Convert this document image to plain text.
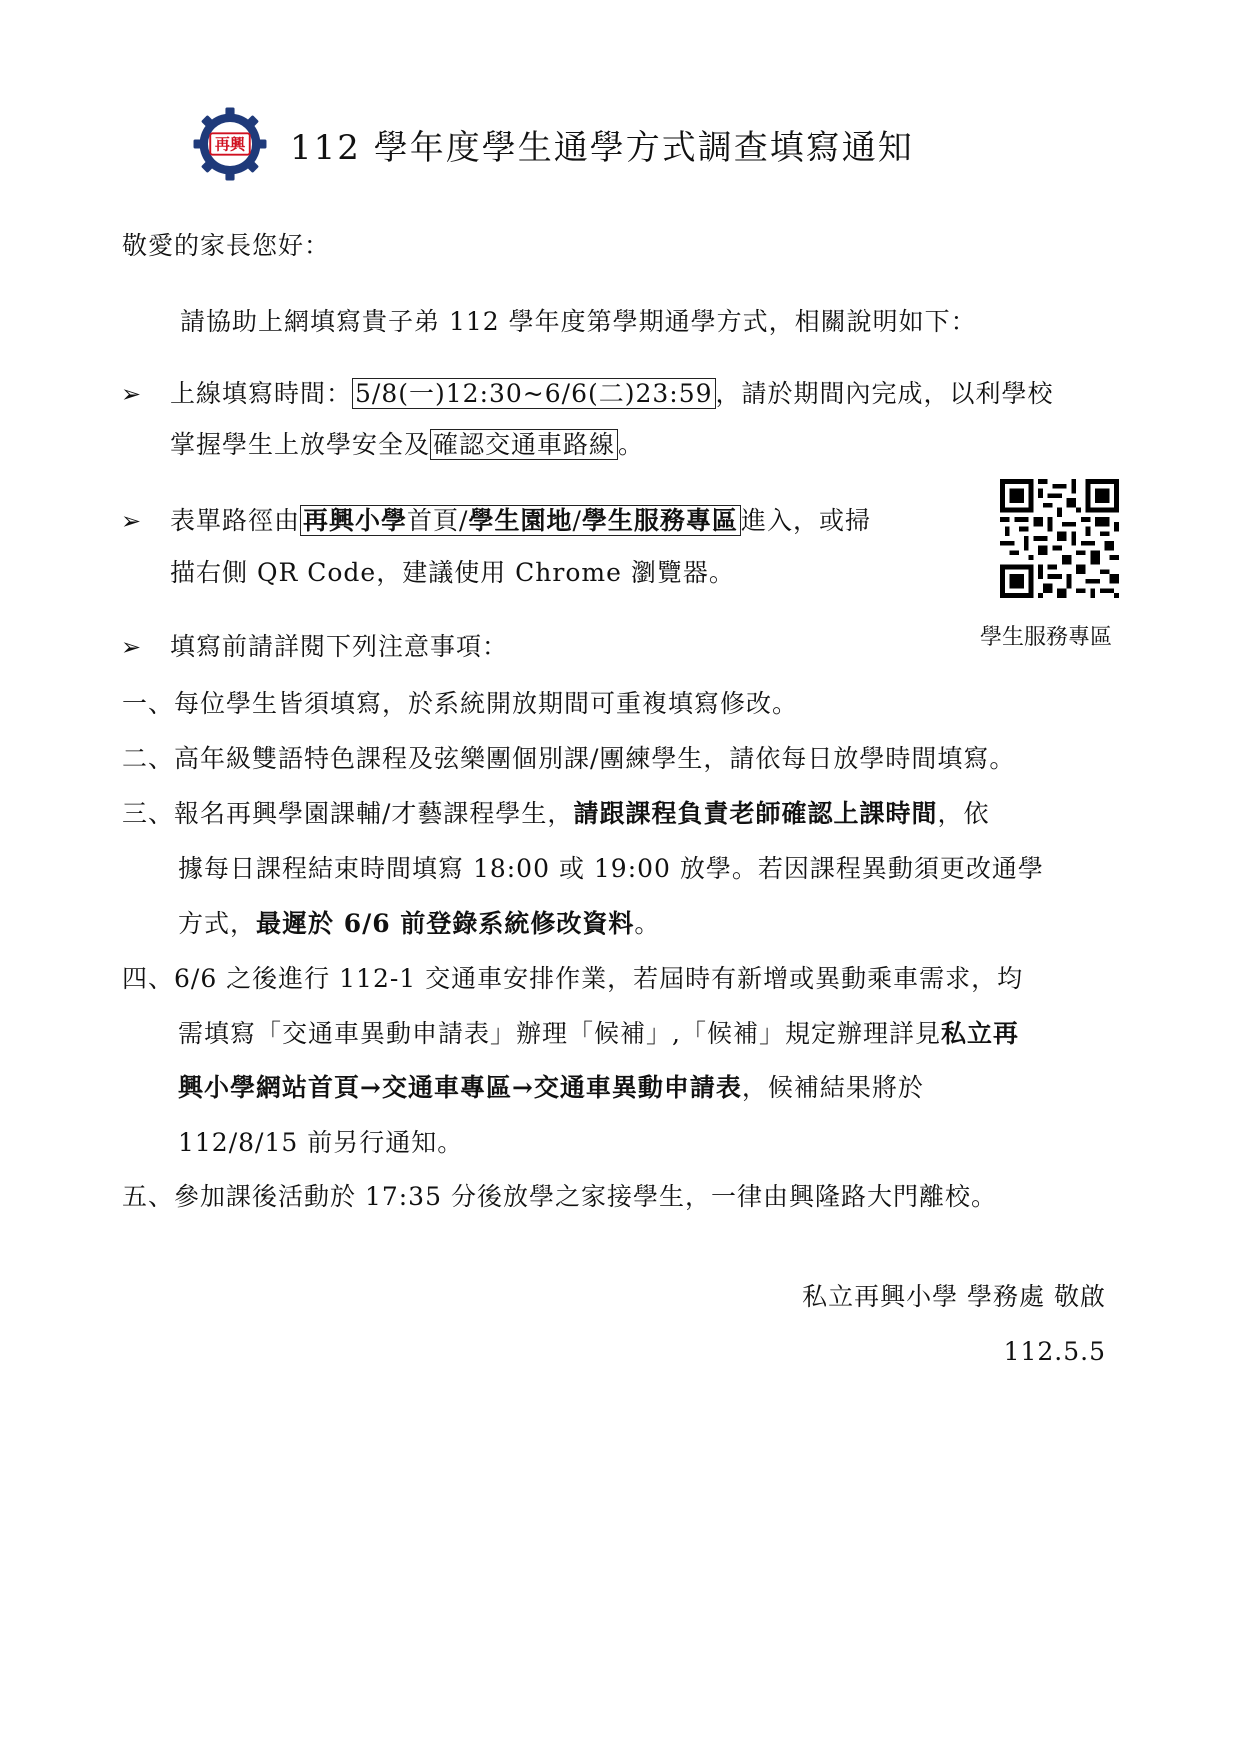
再興 112 學年度學生通學方式調查填寫通知
敬愛的家長您好：
請協助上網填寫貴子弟 112 學年度第學期通學方式，相關說明如下：
➢ 上線填寫時間： 5/8(一)12:30~6/6(二)23:59 ，請於期間內完成，以利學校
掌握學生上放學安全及 確認交通車路線 。
➢ 表單路徑由 再興小學首頁/學生園地/學生服務專區 進入，或掃
描右側 QR Code，建議使用 Chrome 瀏覽器。
學生服務專區
➢ 填寫前請詳閱下列注意事項：
一、每位學生皆須填寫，於系統開放期間可重複填寫修改。
二、高年級雙語特色課程及弦樂團個別課/團練學生，請依每日放學時間填寫。
三、報名再興學園課輔/才藝課程學生，請跟課程負責老師確認上課時間，依
據每日課程結束時間填寫 18:00 或 19:00 放學。若因課程異動須更改通學
方式，最遲於 6/6 前登錄系統修改資料。
四、6/6 之後進行 112-1 交通車安排作業，若屆時有新增或異動乘車需求，均
需填寫「交通車異動申請表」辦理「候補」,「候補」規定辦理詳見私立再
興小學網站首頁→交通車專區→交通車異動申請表，候補結果將於
112/8/15 前另行通知。
五、參加課後活動於 17:35 分後放學之家接學生，一律由興隆路大門離校。
私立再興小學 學務處 敬啟
112.5.5
